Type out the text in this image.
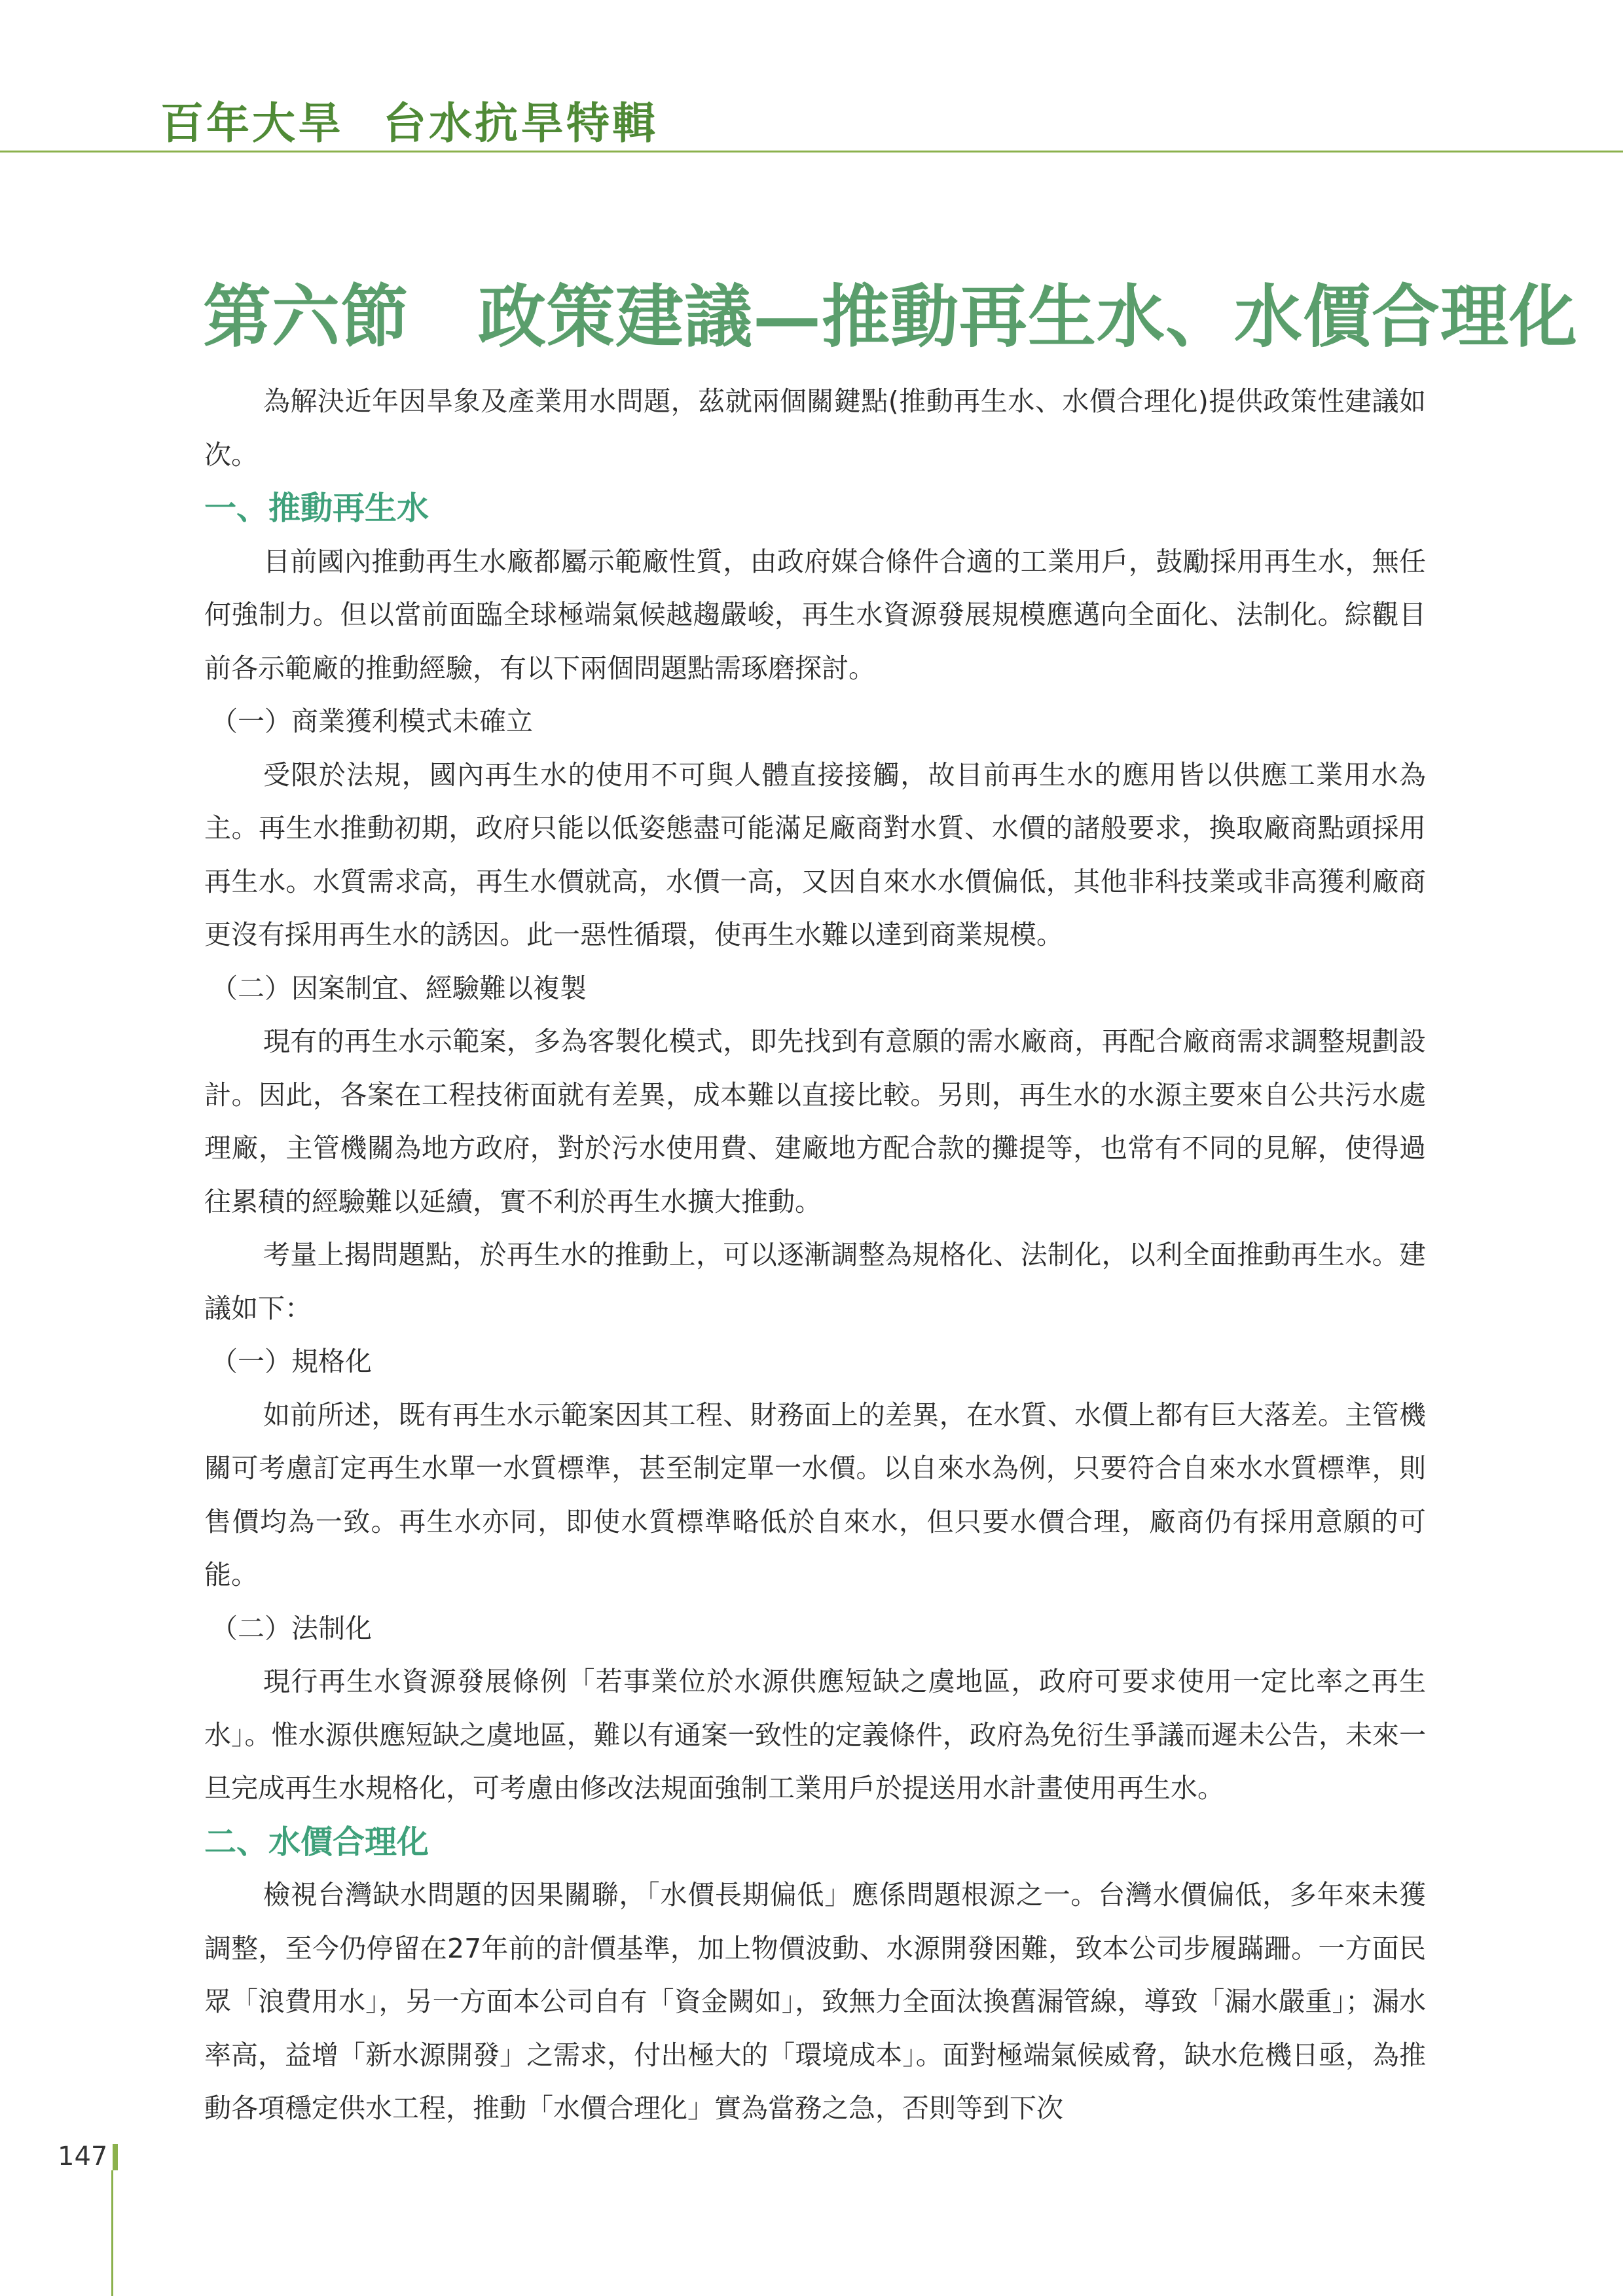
百年大旱 台水抗旱特輯
第六節 政策建議—推動再生水、水價合理化

為解決近年因旱象及產業用水問題，茲就兩個關鍵點(推動再生水、水價合理化)提供政策性建議如次。

一、推動再生水

目前國內推動再生水廠都屬示範廠性質，由政府媒合條件合適的工業用戶，鼓勵採用再生水，無任何強制力。但以當前面臨全球極端氣候越趨嚴峻，再生水資源發展規模應邁向全面化、法制化。綜觀目前各示範廠的推動經驗，有以下兩個問題點需琢磨探討。

（一）商業獲利模式未確立

受限於法規，國內再生水的使用不可與人體直接接觸，故目前再生水的應用皆以供應工業用水為主。再生水推動初期，政府只能以低姿態盡可能滿足廠商對水質、水價的諸般要求，換取廠商點頭採用再生水。水質需求高，再生水價就高，水價一高，又因自來水水價偏低，其他非科技業或非高獲利廠商更沒有採用再生水的誘因。此一惡性循環，使再生水難以達到商業規模。

（二）因案制宜、經驗難以複製

現有的再生水示範案，多為客製化模式，即先找到有意願的需水廠商，再配合廠商需求調整規劃設計。因此，各案在工程技術面就有差異，成本難以直接比較。另則，再生水的水源主要來自公共污水處理廠，主管機關為地方政府，對於污水使用費、建廠地方配合款的攤提等，也常有不同的見解，使得過往累積的經驗難以延續，實不利於再生水擴大推動。

考量上揭問題點，於再生水的推動上，可以逐漸調整為規格化、法制化，以利全面推動再生水。建議如下：

（一）規格化

如前所述，既有再生水示範案因其工程、財務面上的差異，在水質、水價上都有巨大落差。主管機關可考慮訂定再生水單一水質標準，甚至制定單一水價。以自來水為例，只要符合自來水水質標準，則售價均為一致。再生水亦同，即使水質標準略低於自來水，但只要水價合理，廠商仍有採用意願的可能。

（二）法制化

現行再生水資源發展條例「若事業位於水源供應短缺之虞地區，政府可要求使用一定比率之再生水」。惟水源供應短缺之虞地區，難以有通案一致性的定義條件，政府為免衍生爭議而遲未公告，未來一旦完成再生水規格化，可考慮由修改法規面強制工業用戶於提送用水計畫使用再生水。

二、水價合理化

檢視台灣缺水問題的因果關聯，「水價長期偏低」應係問題根源之一。台灣水價偏低，多年來未獲調整，至今仍停留在27年前的計價基準，加上物價波動、水源開發困難，致本公司步履蹣跚。一方面民眾「浪費用水」，另一方面本公司自有「資金闕如」，致無力全面汰換舊漏管線，導致「漏水嚴重」；漏水率高，益增「新水源開發」之需求，付出極大的「環境成本」。面對極端氣候威脅，缺水危機日亟，為推動各項穩定供水工程，推動「水價合理化」實為當務之急，否則等到下次

147
